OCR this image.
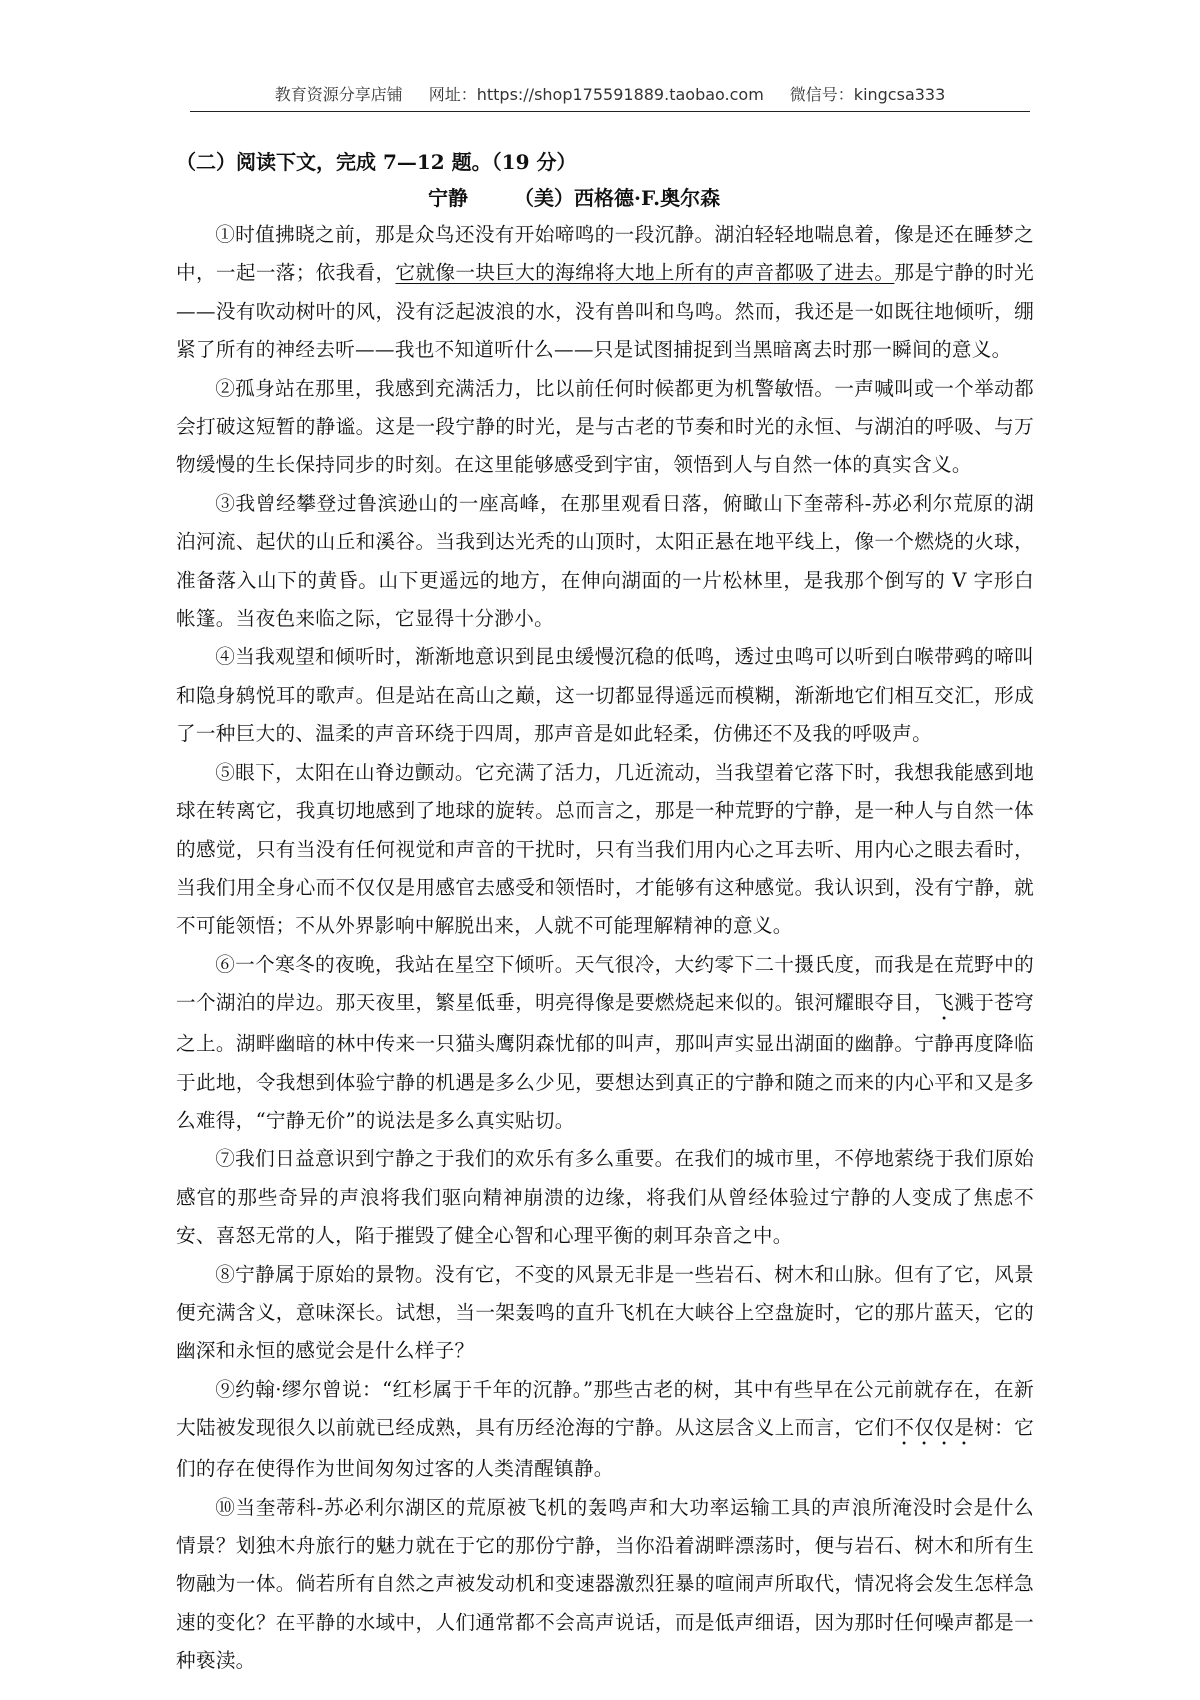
教育资源分享店铺 网址：https://shop175591889.taobao.com 微信号：kingcsa333

（二）阅读下文，完成 7—12 题。（19 分）

宁静 （美）西格德·F.奥尔森

①时值拂晓之前，那是众鸟还没有开始啼鸣的一段沉静。湖泊轻轻地喘息着，像是还在睡梦之中，一起一落；依我看，它就像一块巨大的海绵将大地上所有的声音都吸了进去。那是宁静的时光——没有吹动树叶的风，没有泛起波浪的水，没有兽叫和鸟鸣。然而，我还是一如既往地倾听，绷紧了所有的神经去听——我也不知道听什么——只是试图捕捉到当黑暗离去时那一瞬间的意义。

②孤身站在那里，我感到充满活力，比以前任何时候都更为机警敏悟。一声喊叫或一个举动都会打破这短暂的静谧。这是一段宁静的时光，是与古老的节奏和时光的永恒、与湖泊的呼吸、与万物缓慢的生长保持同步的时刻。在这里能够感受到宇宙，领悟到人与自然一体的真实含义。

③我曾经攀登过鲁滨逊山的一座高峰，在那里观看日落，俯瞰山下奎蒂科-苏必利尔荒原的湖泊河流、起伏的山丘和溪谷。当我到达光秃的山顶时，太阳正悬在地平线上，像一个燃烧的火球，准备落入山下的黄昏。山下更遥远的地方，在伸向湖面的一片松林里，是我那个倒写的 V 字形白帐篷。当夜色来临之际，它显得十分渺小。

④当我观望和倾听时，渐渐地意识到昆虫缓慢沉稳的低鸣，透过虫鸣可以听到白喉带鹀的啼叫和隐身鸫悦耳的歌声。但是站在高山之巅，这一切都显得遥远而模糊，渐渐地它们相互交汇，形成了一种巨大的、温柔的声音环绕于四周，那声音是如此轻柔，仿佛还不及我的呼吸声。

⑤眼下，太阳在山脊边颤动。它充满了活力，几近流动，当我望着它落下时，我想我能感到地球在转离它，我真切地感到了地球的旋转。总而言之，那是一种荒野的宁静，是一种人与自然一体的感觉，只有当没有任何视觉和声音的干扰时，只有当我们用内心之耳去听、用内心之眼去看时，当我们用全身心而不仅仅是用感官去感受和领悟时，才能够有这种感觉。我认识到，没有宁静，就不可能领悟；不从外界影响中解脱出来，人就不可能理解精神的意义。

⑥一个寒冬的夜晚，我站在星空下倾听。天气很冷，大约零下二十摄氏度，而我是在荒野中的一个湖泊的岸边。那天夜里，繁星低垂，明亮得像是要燃烧起来似的。银河耀眼夺目，飞溅于苍穹之上。湖畔幽暗的林中传来一只猫头鹰阴森忧郁的叫声，那叫声实显出湖面的幽静。宁静再度降临于此地，令我想到体验宁静的机遇是多么少见，要想达到真正的宁静和随之而来的内心平和又是多么难得，“宁静无价”的说法是多么真实贴切。

⑦我们日益意识到宁静之于我们的欢乐有多么重要。在我们的城市里，不停地萦绕于我们原始感官的那些奇异的声浪将我们驱向精神崩溃的边缘，将我们从曾经体验过宁静的人变成了焦虑不安、喜怒无常的人，陷于摧毁了健全心智和心理平衡的刺耳杂音之中。

⑧宁静属于原始的景物。没有它，不变的风景无非是一些岩石、树木和山脉。但有了它，风景便充满含义，意味深长。试想，当一架轰鸣的直升飞机在大峡谷上空盘旋时，它的那片蓝天，它的幽深和永恒的感觉会是什么样子？

⑨约翰·缪尔曾说：“红杉属于千年的沉静。”那些古老的树，其中有些早在公元前就存在，在新大陆被发现很久以前就已经成熟，具有历经沧海的宁静。从这层含义上而言，它们不仅仅是树：它们的存在使得作为世间匆匆过客的人类清醒镇静。

⑩当奎蒂科-苏必利尔湖区的荒原被飞机的轰鸣声和大功率运输工具的声浪所淹没时会是什么情景？划独木舟旅行的魅力就在于它的那份宁静，当你沿着湖畔漂荡时，便与岩石、树木和所有生物融为一体。倘若所有自然之声被发动机和变速器激烈狂暴的喧闹声所取代，情况将会发生怎样急速的变化？在平静的水域中，人们通常都不会高声说话，而是低声细语，因为那时任何噪声都是一种亵渎。
